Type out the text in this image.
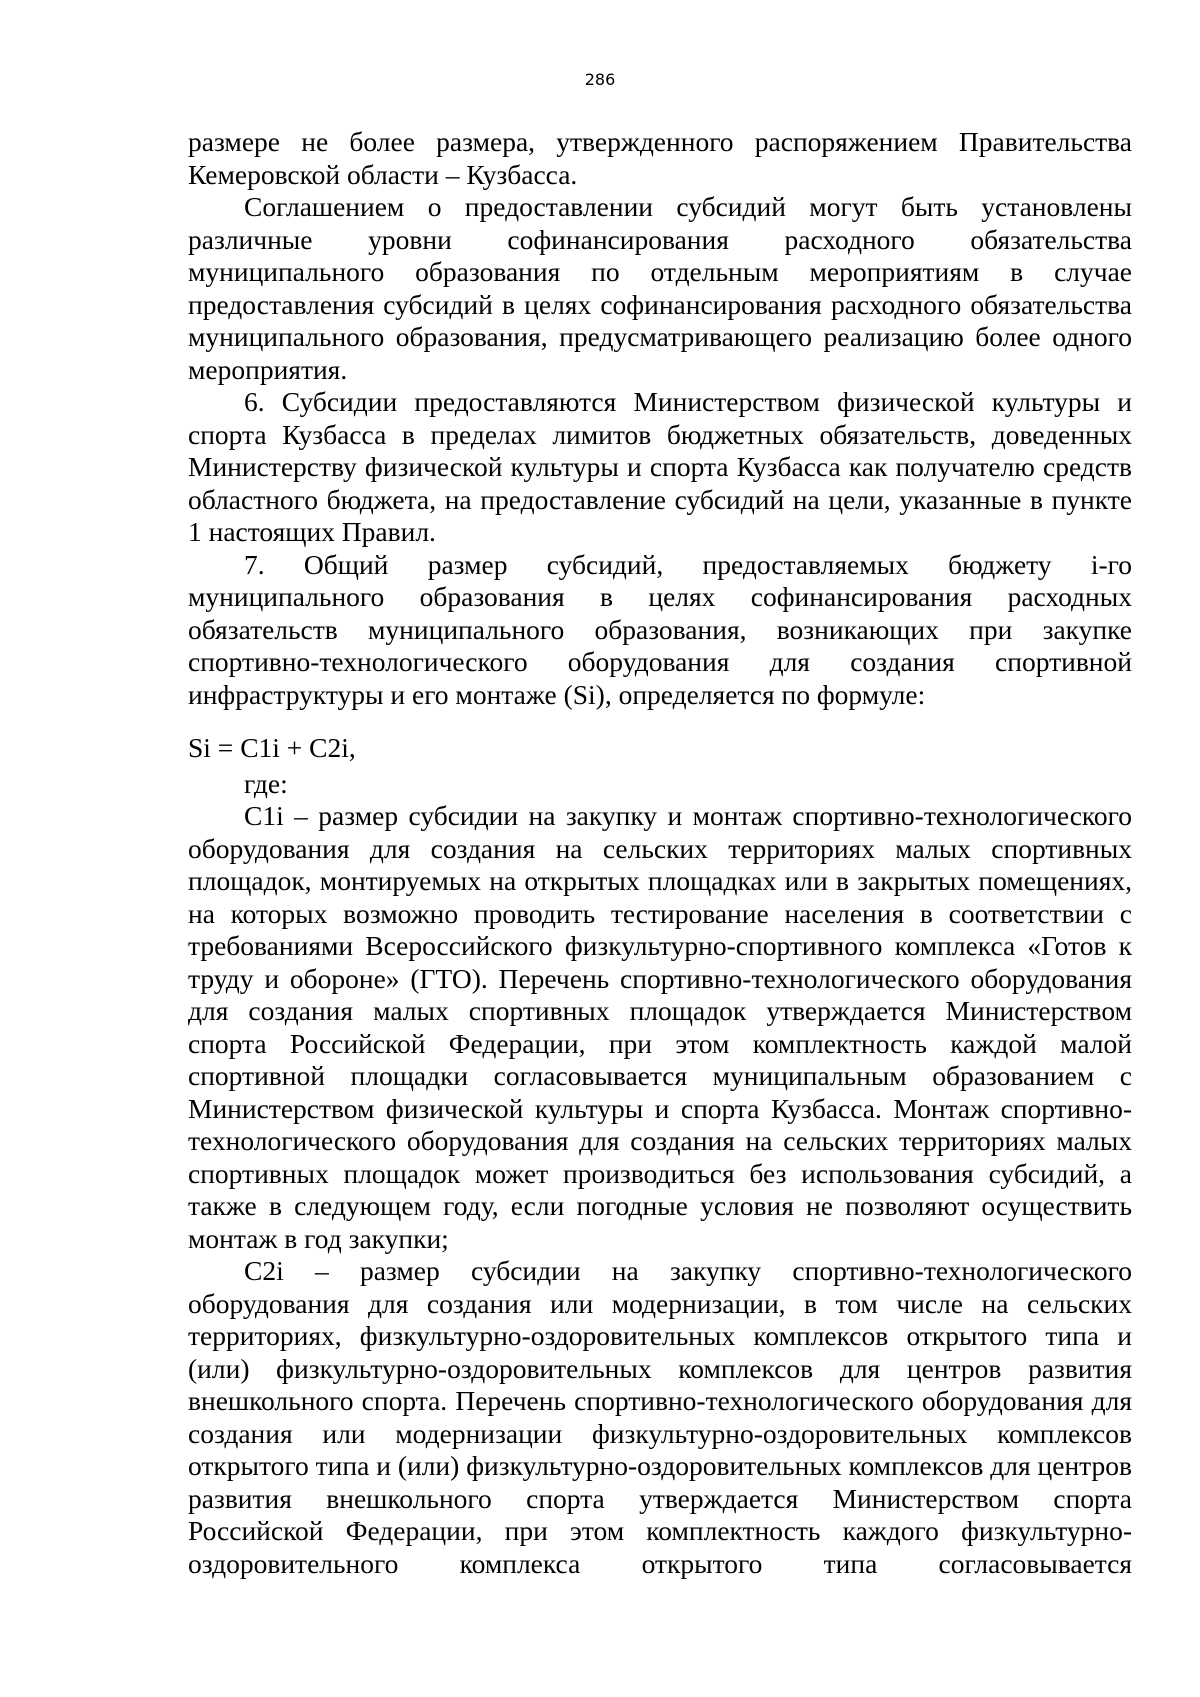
286

размере не более размера, утвержденного распоряжением Правительства Кемеровской области – Кузбасса.

Соглашением о предоставлении субсидий могут быть установлены различные уровни софинансирования расходного обязательства муниципального образования по отдельным мероприятиям в случае предоставления субсидий в целях софинансирования расходного обязательства муниципального образования, предусматривающего реализацию более одного мероприятия.

6. Субсидии предоставляются Министерством физической культуры и спорта Кузбасса в пределах лимитов бюджетных обязательств, доведенных Министерству физической культуры и спорта Кузбасса как получателю средств областного бюджета, на предоставление субсидий на цели, указанные в пункте 1 настоящих Правил.

7. Общий размер субсидий, предоставляемых бюджету i-го муниципального образования в целях софинансирования расходных обязательств муниципального образования, возникающих при закупке спортивно-технологического оборудования для создания спортивной инфраструктуры и его монтаже (Si), определяется по формуле:

Si = C1i + C2i,

где:

C1i – размер субсидии на закупку и монтаж спортивно-технологического оборудования для создания на сельских территориях малых спортивных площадок, монтируемых на открытых площадках или в закрытых помещениях, на которых возможно проводить тестирование населения в соответствии с требованиями Всероссийского физкультурно-спортивного комплекса «Готов к труду и обороне» (ГТО). Перечень спортивно-технологического оборудования для создания малых спортивных площадок утверждается Министерством спорта Российской Федерации, при этом комплектность каждой малой спортивной площадки согласовывается муниципальным образованием с Министерством физической культуры и спорта Кузбасса. Монтаж спортивно-технологического оборудования для создания на сельских территориях малых спортивных площадок может производиться без использования субсидий, а также в следующем году, если погодные условия не позволяют осуществить монтаж в год закупки;

C2i – размер субсидии на закупку спортивно-технологического оборудования для создания или модернизации, в том числе на сельских территориях, физкультурно-оздоровительных комплексов открытого типа и (или) физкультурно-оздоровительных комплексов для центров развития внешкольного спорта. Перечень спортивно-технологического оборудования для создания или модернизации физкультурно-оздоровительных комплексов открытого типа и (или) физкультурно-оздоровительных комплексов для центров развития внешкольного спорта утверждается Министерством спорта Российской Федерации, при этом комплектность каждого физкультурно-оздоровительного комплекса открытого типа согласовывается
